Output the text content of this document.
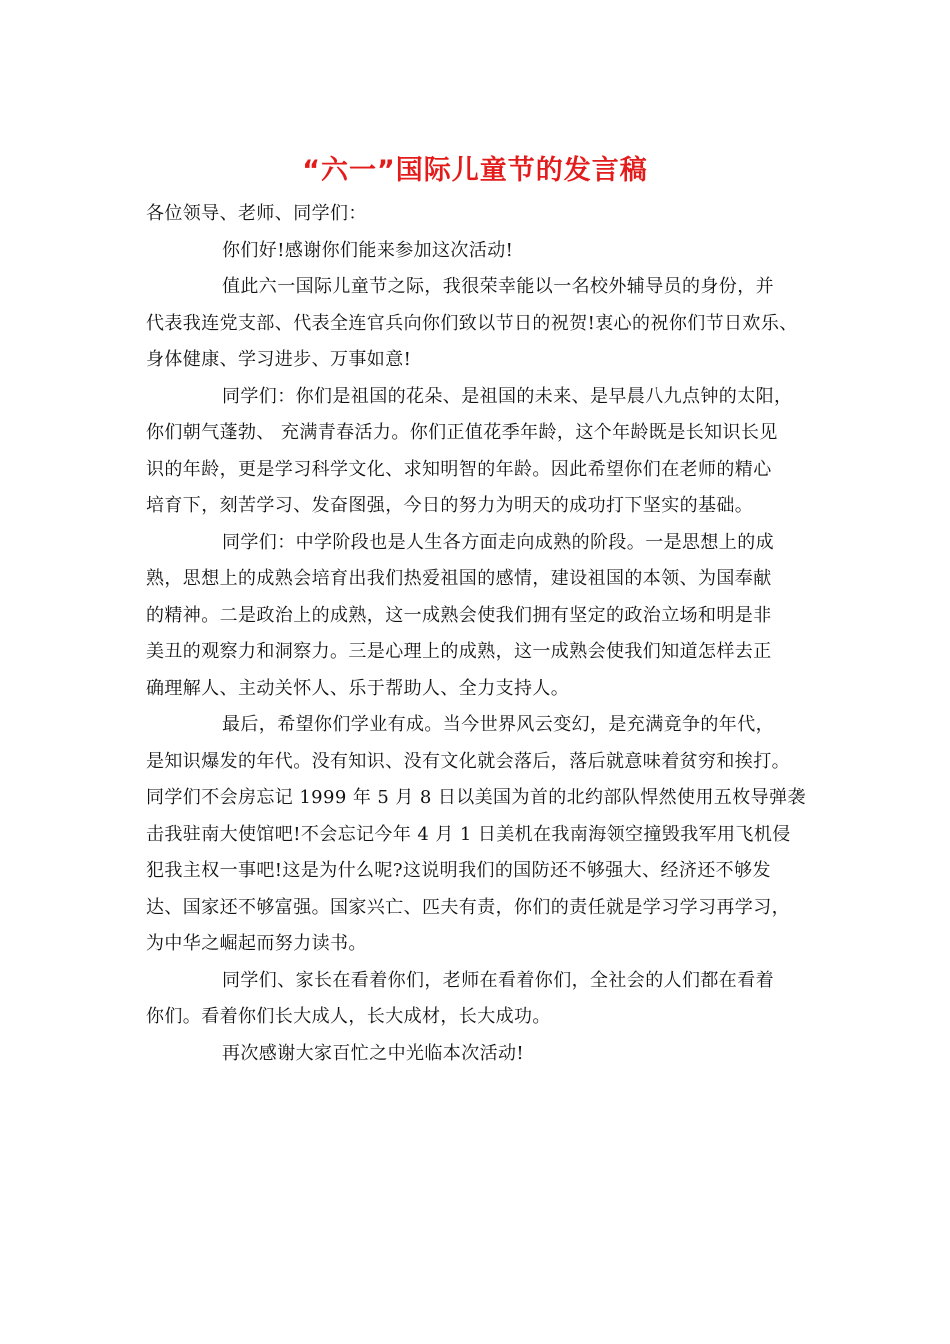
“六一”国际儿童节的发言稿
各位领导、老师、同学们：
你们好!感谢你们能来参加这次活动!
值此六一国际儿童节之际，我很荣幸能以一名校外辅导员的身份，并
代表我连党支部、代表全连官兵向你们致以节日的祝贺!衷心的祝你们节日欢乐、
身体健康、学习进步、万事如意!
同学们：你们是祖国的花朵、是祖国的未来、是早晨八九点钟的太阳，
你们朝气蓬勃、 充满青春活力。你们正值花季年龄，这个年龄既是长知识长见
识的年龄，更是学习科学文化、求知明智的年龄。因此希望你们在老师的精心
培育下，刻苦学习、发奋图强，今日的努力为明天的成功打下坚实的基础。
同学们：中学阶段也是人生各方面走向成熟的阶段。一是思想上的成
熟，思想上的成熟会培育出我们热爱祖国的感情，建设祖国的本领、为国奉献
的精神。二是政治上的成熟，这一成熟会使我们拥有坚定的政治立场和明是非
美丑的观察力和洞察力。三是心理上的成熟，这一成熟会使我们知道怎样去正
确理解人、主动关怀人、乐于帮助人、全力支持人。
最后，希望你们学业有成。当今世界风云变幻，是充满竟争的年代，
是知识爆发的年代。没有知识、没有文化就会落后，落后就意味着贫穷和挨打。
同学们不会房忘记 1999 年 5 月 8 日以美国为首的北约部队悍然使用五枚导弹袭
击我驻南大使馆吧!不会忘记今年 4 月 1 日美机在我南海领空撞毁我军用飞机侵
犯我主权一事吧!这是为什么呢?这说明我们的国防还不够强大、经济还不够发
达、国家还不够富强。国家兴亡、匹夫有责，你们的责任就是学习学习再学习，
为中华之崛起而努力读书。
同学们、家长在看着你们，老师在看着你们，全社会的人们都在看着
你们。看着你们长大成人，长大成材，长大成功。
再次感谢大家百忙之中光临本次活动!
